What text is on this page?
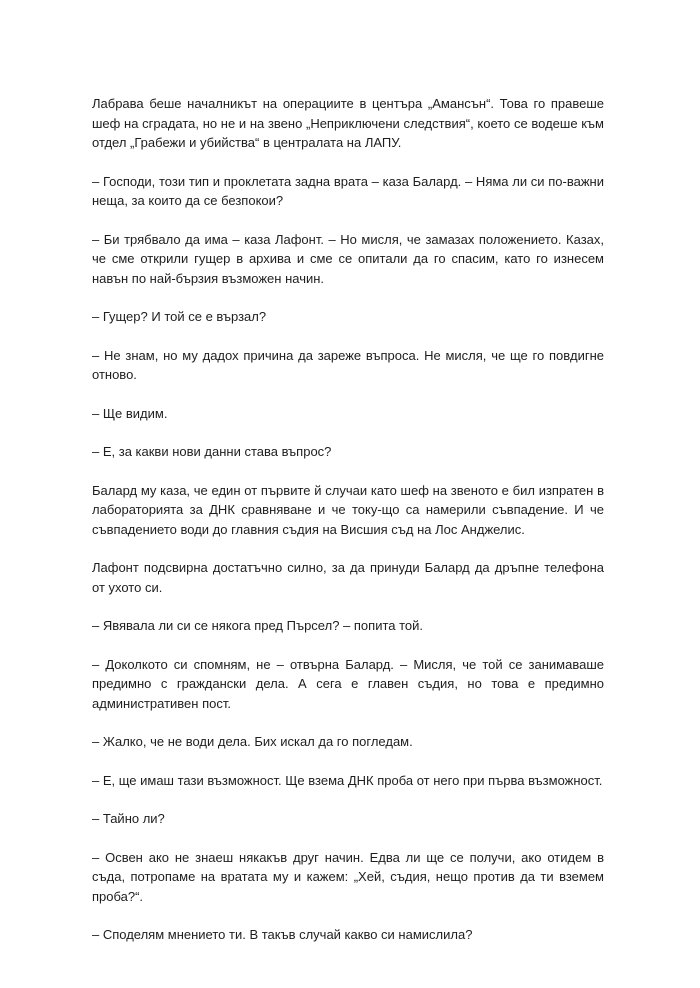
Лабрава беше началникът на операциите в центъра „Амансън“. Това го правеше шеф на сградата, но не и на звено „Неприключени следствия“, което се водеше към отдел „Грабежи и убийства“ в централата на ЛАПУ.

– Господи, този тип и проклетата задна врата – каза Балард. – Няма ли си по-важни неща, за които да се безпокои?

– Би трябвало да има – каза Лафонт. – Но мисля, че замазах положението. Казах, че сме открили гущер в архива и сме се опитали да го спасим, като го изнесем навън по най-бързия възможен начин.

– Гущер? И той се е вързал?

– Не знам, но му дадох причина да зареже въпроса. Не мисля, че ще го повдигне отново.

– Ще видим.

– Е, за какви нови данни става въпрос?

Балард му каза, че един от първите й случаи като шеф на звеното е бил изпратен в лабораторията за ДНК сравняване и че току-що са намерили съвпадение. И че съвпадението води до главния съдия на Висшия съд на Лос Анджелис.

Лафонт подсвирна достатъчно силно, за да принуди Балард да дръпне телефона от ухото си.

– Явявала ли си се някога пред Пърсел? – попита той.

– Доколкото си спомням, не – отвърна Балард. – Мисля, че той се занимаваше предимно с граждански дела. А сега е главен съдия, но това е предимно административен пост.

– Жалко, че не води дела. Бих искал да го погледам.

– Е, ще имаш тази възможност. Ще взема ДНК проба от него при първа възможност.

– Тайно ли?

– Освен ако не знаеш някакъв друг начин. Едва ли ще се получи, ако отидем в съда, потропаме на вратата му и кажем: „Хей, съдия, нещо против да ти вземем проба?“.

– Споделям мнението ти. В такъв случай какво си намислила?
